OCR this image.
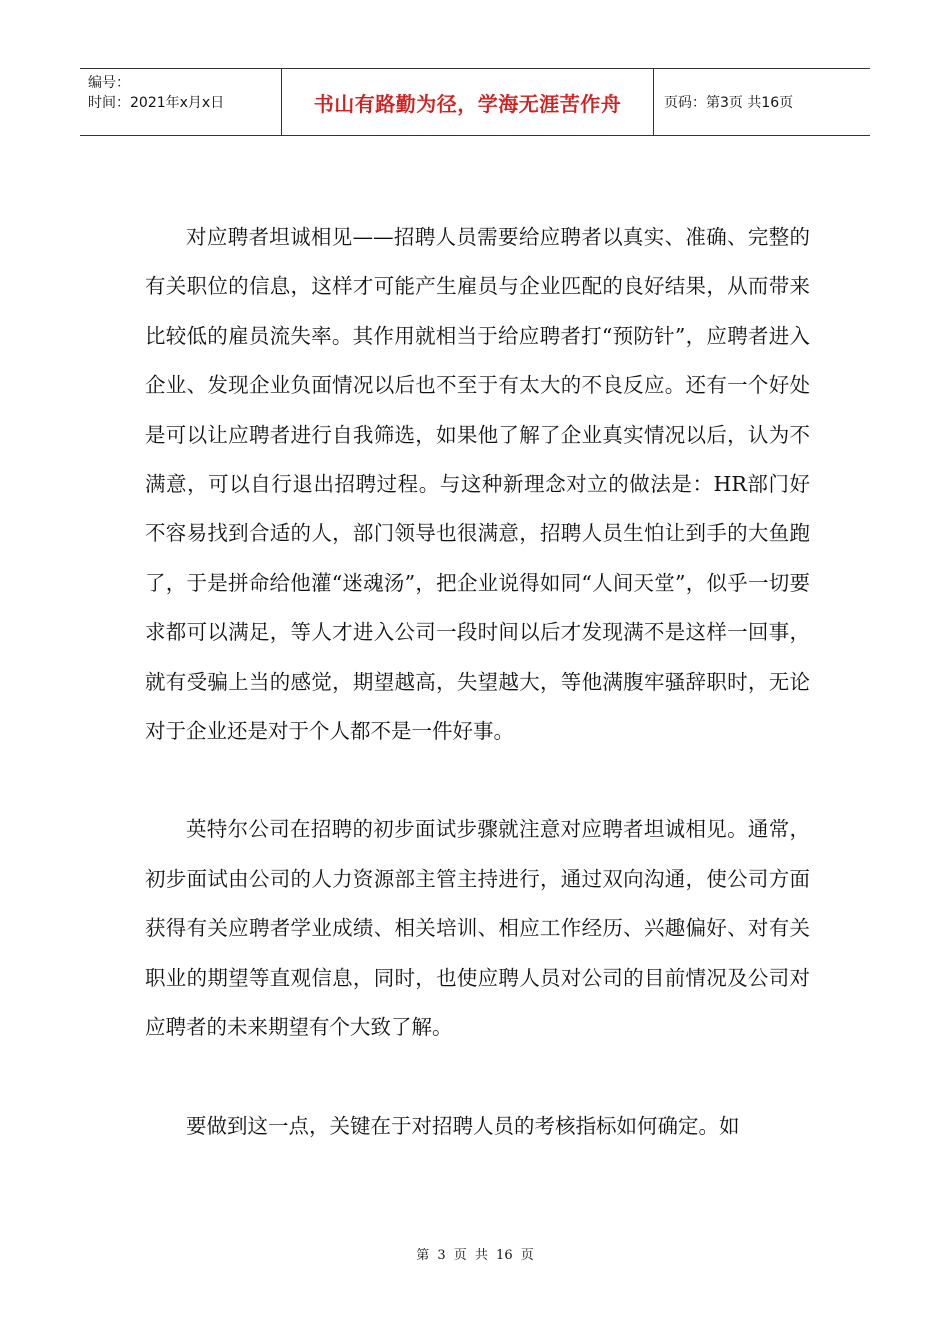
编号：
时间：2021年x月x日	书山有路勤为径，学海无涯苦作舟	页码：第3页 共16页

对应聘者坦诚相见——招聘人员需要给应聘者以真实、准确、完整的有关职位的信息，这样才可能产生雇员与企业匹配的良好结果，从而带来比较低的雇员流失率。其作用就相当于给应聘者打“预防针”，应聘者进入企业、发现企业负面情况以后也不至于有太大的不良反应。还有一个好处是可以让应聘者进行自我筛选，如果他了解了企业真实情况以后，认为不满意，可以自行退出招聘过程。与这种新理念对立的做法是：HR部门好不容易找到合适的人，部门领导也很满意，招聘人员生怕让到手的大鱼跑了，于是拼命给他灌“迷魂汤”，把企业说得如同“人间天堂”，似乎一切要求都可以满足，等人才进入公司一段时间以后才发现满不是这样一回事，就有受骗上当的感觉，期望越高，失望越大，等他满腹牢骚辞职时，无论对于企业还是对于个人都不是一件好事。

英特尔公司在招聘的初步面试步骤就注意对应聘者坦诚相见。通常，初步面试由公司的人力资源部主管主持进行，通过双向沟通，使公司方面获得有关应聘者学业成绩、相关培训、相应工作经历、兴趣偏好、对有关职业的期望等直观信息，同时，也使应聘人员对公司的目前情况及公司对应聘者的未来期望有个大致了解。

要做到这一点，关键在于对招聘人员的考核指标如何确定。如

第 3 页 共 16 页
